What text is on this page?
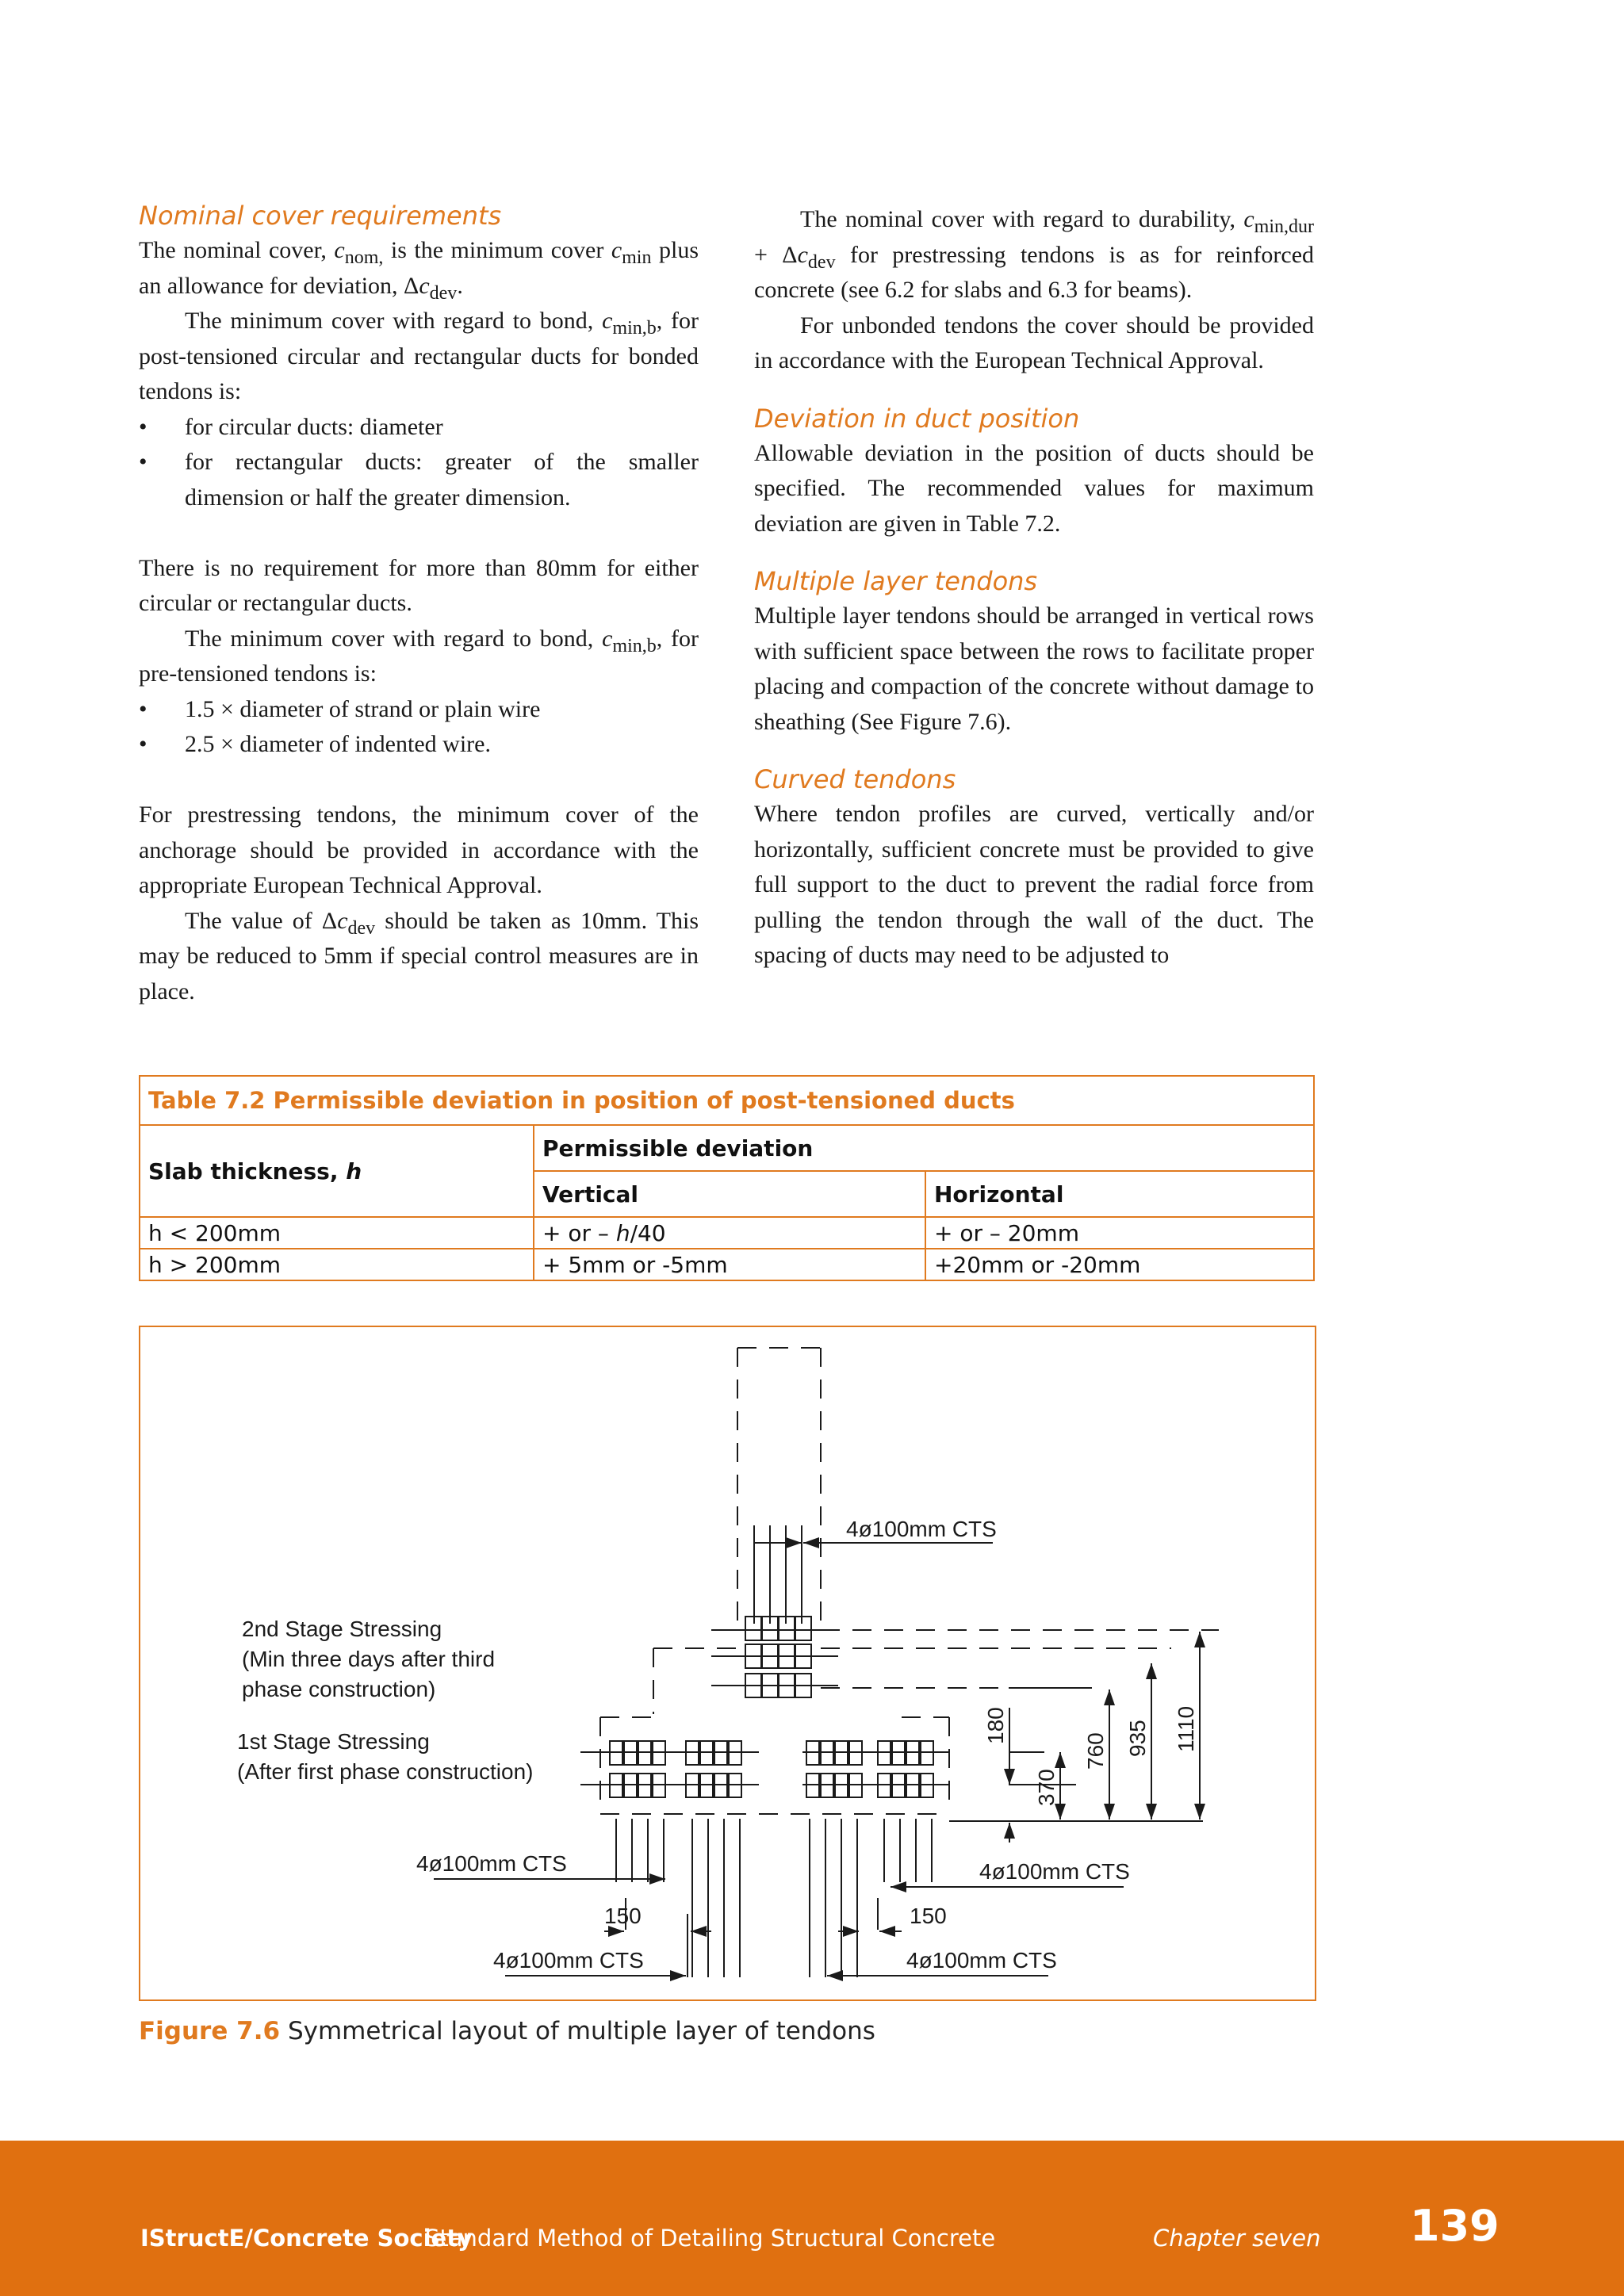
Nominal cover requirements

The nominal cover, $c_{nom,}$ is the minimum cover $c_{min}$ plus an allowance for deviation, $\Delta c_{dev}$.

The minimum cover with regard to bond, $c_{min,b}$, for post-tensioned circular and rectangular ducts for bonded tendons is:

• for circular ducts: diameter
• for rectangular ducts: greater of the smaller dimension or half the greater dimension.

There is no requirement for more than 80mm for either circular or rectangular ducts.

The minimum cover with regard to bond, $c_{min,b}$, for pre-tensioned tendons is:

• 1.5 × diameter of strand or plain wire
• 2.5 × diameter of indented wire.

For prestressing tendons, the minimum cover of the anchorage should be provided in accordance with the appropriate European Technical Approval.

The value of $\Delta c_{dev}$ should be taken as 10mm. This may be reduced to 5mm if special control measures are in place.

The nominal cover with regard to durability, $c_{min,dur} + \Delta c_{dev}$ for prestressing tendons is as for reinforced concrete (see 6.2 for slabs and 6.3 for beams).

For unbonded tendons the cover should be provided in accordance with the European Technical Approval.

Deviation in duct position

Allowable deviation in the position of ducts should be specified. The recommended values for maximum deviation are given in Table 7.2.

Multiple layer tendons

Multiple layer tendons should be arranged in vertical rows with sufficient space between the rows to facilitate proper placing and compaction of the concrete without damage to sheathing (See Figure 7.6).

Curved tendons

Where tendon profiles are curved, vertically and/or horizontally, sufficient concrete must be provided to give full support to the duct to prevent the radial force from pulling the tendon through the wall of the duct. The spacing of ducts may need to be adjusted to

Table 7.2 Permissible deviation in position of post-tensioned ducts		
Slab thickness, h	Permissible deviation	
	Vertical	Horizontal
h < 200mm	+ or – h/40	+ or – 20mm
h > 200mm	+ 5mm or -5mm	+20mm or -20mm
4ø100mm CTS
4ø100mm CTS	4ø100mm CTS
150	150
4ø100mm CTS	4ø100mm CTS
2nd Stage Stressing
(Min three days after third
phase construction)
1st Stage Stressing
(After first phase construction)
180
370
760 935 1110
Figure 7.6 Symmetrical layout of multiple layer of tendons
IStructE/Concrete Society
Standard Method of Detailing Structural Concrete	Chapter seven 139
